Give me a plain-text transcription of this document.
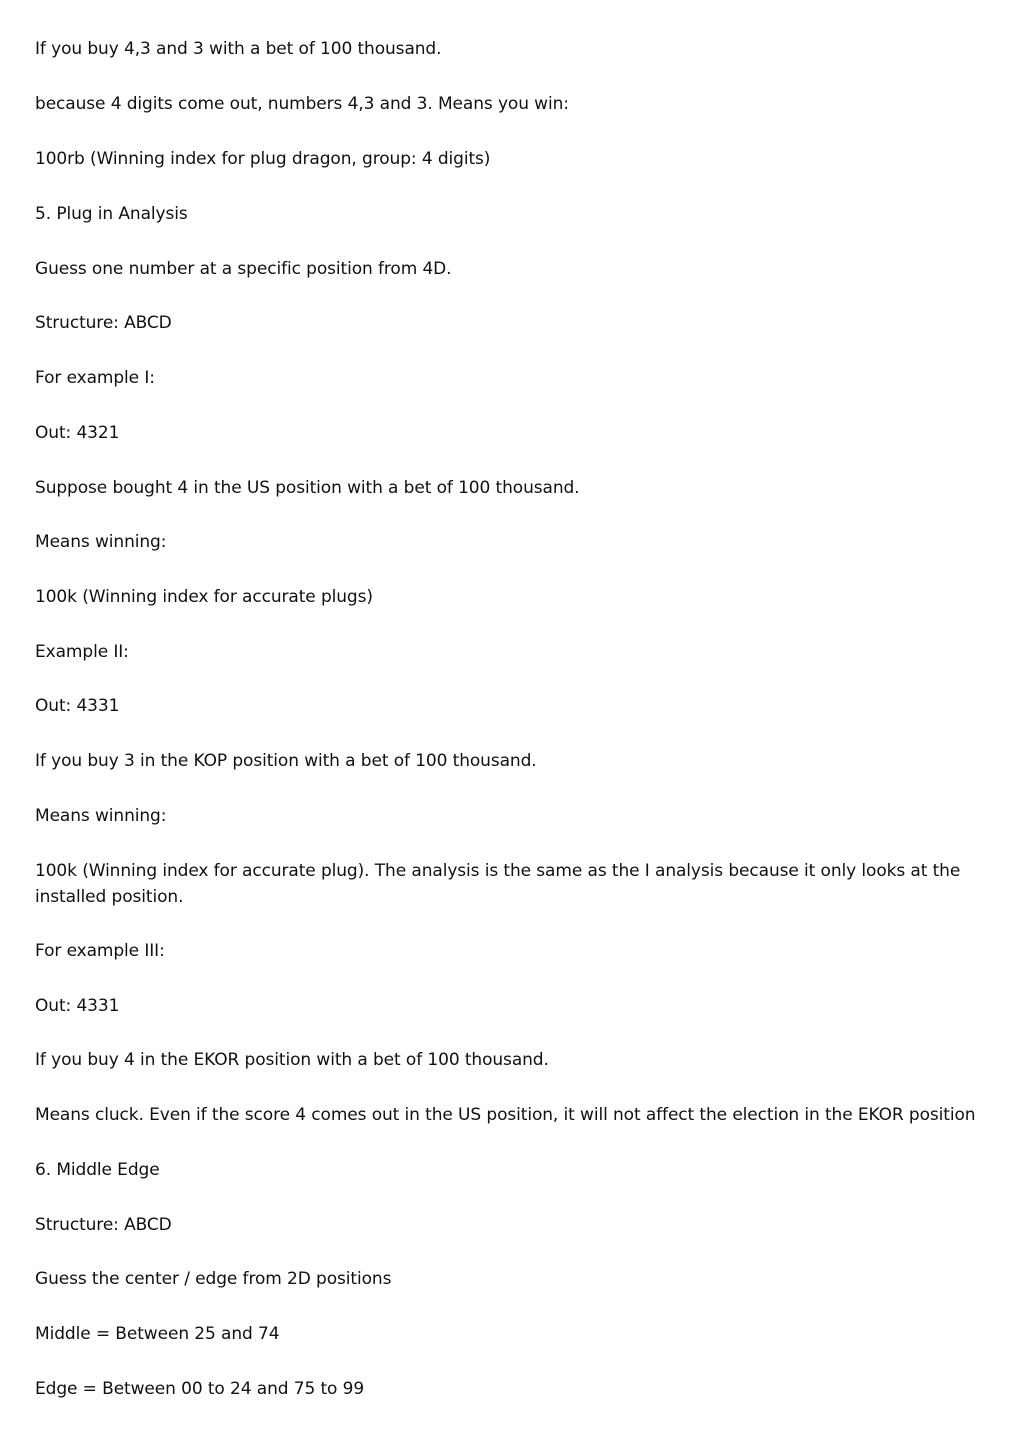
If you buy 4,3 and 3 with a bet of 100 thousand.

because 4 digits come out, numbers 4,3 and 3. Means you win:

100rb (Winning index for plug dragon, group: 4 digits)

5. Plug in Analysis

Guess one number at a specific position from 4D.

Structure: ABCD

For example I:

Out: 4321

Suppose bought 4 in the US position with a bet of 100 thousand.

Means winning:

100k (Winning index for accurate plugs)

Example II:

Out: 4331

If you buy 3 in the KOP position with a bet of 100 thousand.

Means winning:

100k (Winning index for accurate plug). The analysis is the same as the I analysis because it only looks at the installed position.

For example III:

Out: 4331

If you buy 4 in the EKOR position with a bet of 100 thousand.

Means cluck. Even if the score 4 comes out in the US position, it will not affect the election in the EKOR position

6. Middle Edge

Structure: ABCD

Guess the center / edge from 2D positions

Middle = Between 25 and 74

Edge = Between 00 to 24 and 75 to 99
